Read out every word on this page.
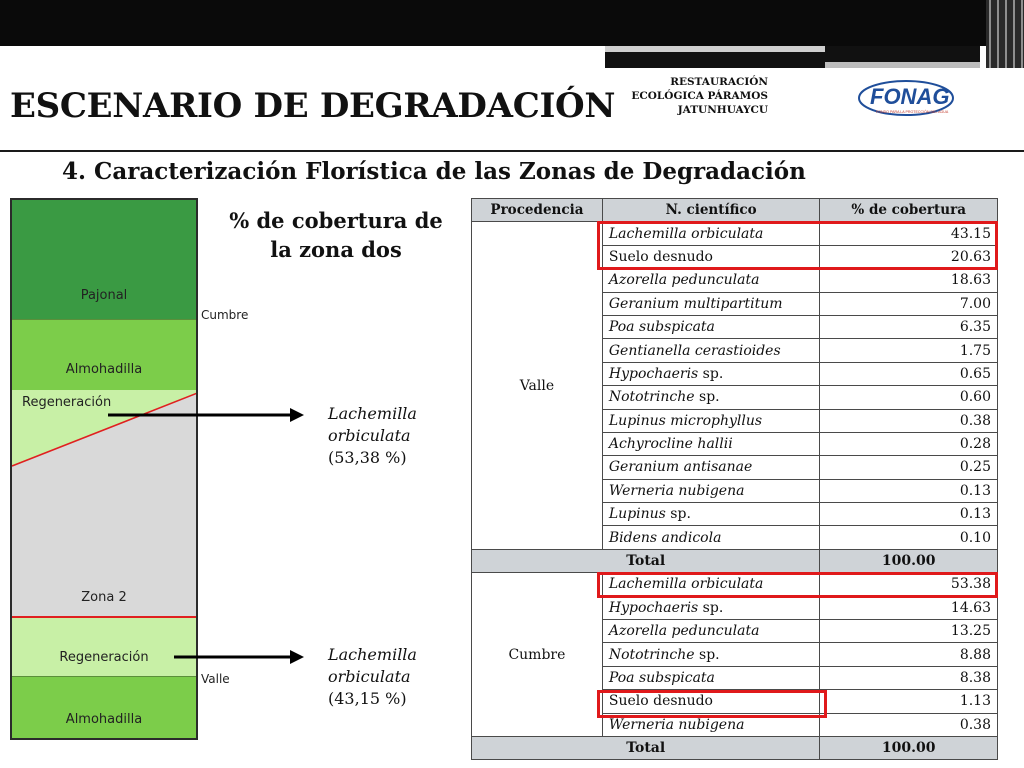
ESCENARIO DE DEGRADACIÓN
RESTAURACIÓN
ECOLÓGICA PÁRAMOS
JATUNHUAYCU
FONAG
FONDO PARA LA PROTECCIÓN DEL AGUA
4. Caracterización Florística de las Zonas de Degradación
Pajonal
Almohadilla
Regeneración
Zona 2
Regeneración
Almohadilla
Cumbre
Valle
% de cobertura de
la zona dos
Lachemilla
orbiculata
(53,38 %)
Lachemilla
orbiculata
(43,15 %)
Procedencia	N. científico	% de cobertura
Valle	Lachemilla orbiculata	43.15
	Suelo desnudo	20.63
	Azorella pedunculata	18.63
	Geranium multipartitum	7.00
	Poa subspicata	6.35
	Gentianella cerastioides	1.75
	Hypochaeris sp.	0.65
	Nototrinche sp.	0.60
	Lupinus microphyllus	0.38
	Achyrocline hallii	0.28
	Geranium antisanae	0.25
	Werneria nubigena	0.13
	Lupinus sp.	0.13
	Bidens andicola	0.10
Total		100.00
Cumbre	Lachemilla orbiculata	53.38
	Hypochaeris sp.	14.63
	Azorella pedunculata	13.25
	Nototrinche sp.	8.88
	Poa subspicata	8.38
	Suelo desnudo	1.13
	Werneria nubigena	0.38
Total		100.00
